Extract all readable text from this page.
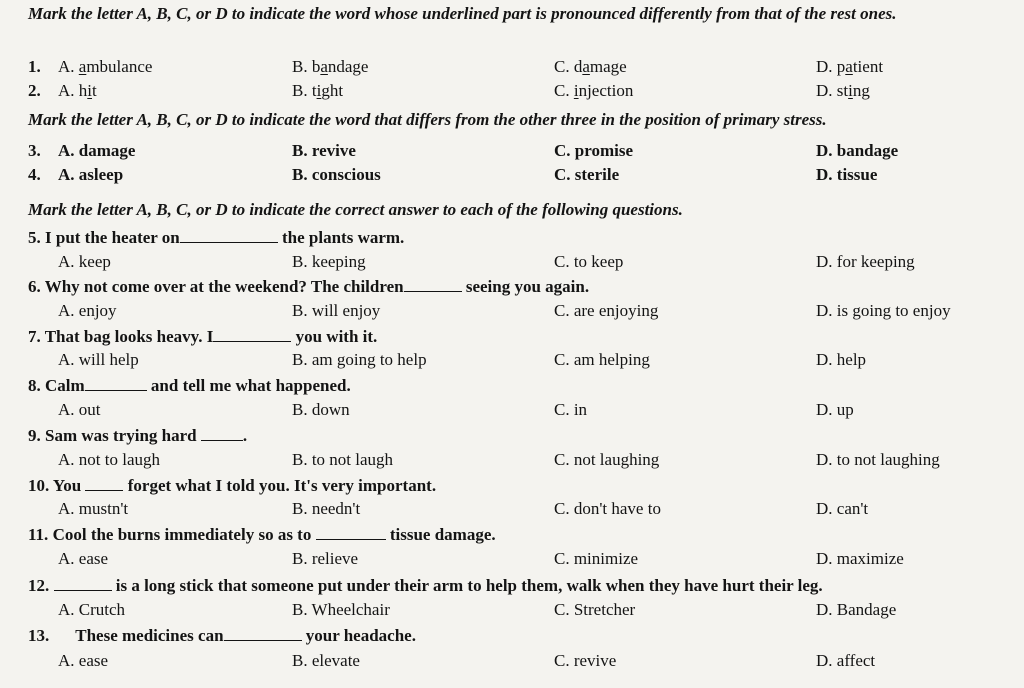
Mark the letter A, B, C, or D to indicate the word whose underlined part is pronounced differently from that of the rest ones.
1. A. ambulance	B. bandage	C. damage	D. patient
2. A. hit	B. tight	C. injection	D. sting
Mark the letter A, B, C, or D to indicate the word that differs from the other three in the position of primary stress.
3. A. damage	B. revive	C. promise	D. bandage
4. A. asleep	B. conscious	C. sterile	D. tissue
Mark the letter A, B, C, or D to indicate the correct answer to each of the following questions.
5. I put the heater on	the plants warm.
A. keep	B. keeping	C. to keep	D. for keeping
6. Why not come over at the weekend? The children	seeing you again.
A. enjoy	B. will enjoy	C. are enjoying	D. is going to enjoy
7. That bag looks heavy. I	you with it.
A. will help	B. am going to help	C. am helping	D. help
8. Calm	and tell me what happened.
A. out	B. down	C. in	D. up
9. Sam was trying hard .
A. not to laugh	B. to not laugh	C. not laughing	D. to not laughing
10. You  forget what I told you. It's very important.
A. mustn't	B. needn't	C. don't have to	D. can't
11. Cool the burns immediately so as to	tissue damage.
A. ease	B. relieve	C. minimize	D. maximize
12.	is a long stick that someone put under their arm to help them, walk when they have hurt their leg.
A. Crutch	B. Wheelchair	C. Stretcher	D. Bandage
13. These medicines can	your headache.
A. ease	B. elevate	C. revive	D. affect
